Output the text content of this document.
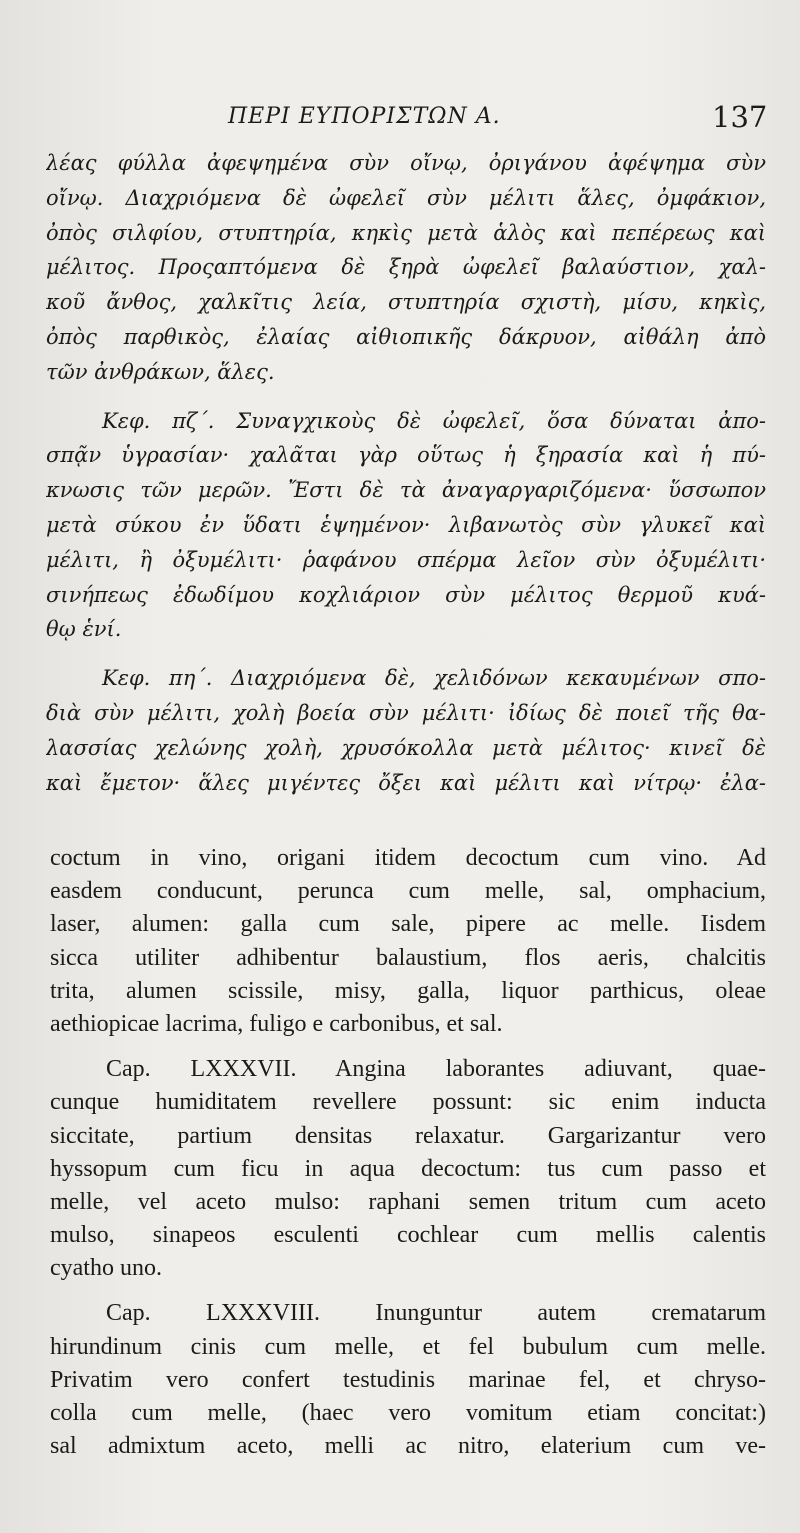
ΠΕΡΙ ΕΥΠΟΡΙΣΤΩΝ Α.	137
λέας φύλλα ἀφεψημένα σὺν οἴνῳ, ὀριγάνου ἀφέψημα σὺν
οἴνῳ. Διαχριόμενα δὲ ὠφελεῖ σὺν μέλιτι ἅλες, ὀμφάκιον,
ὀπὸς σιλφίου, στυπτηρία, κηκὶς μετὰ ἁλὸς καὶ πεπέρεως καὶ
μέλιτος. Προςαπτόμενα δὲ ξηρὰ ὠφελεῖ βαλαύστιον, χαλ-
κοῦ ἄνθος, χαλκῖτις λεία, στυπτηρία σχιστὴ, μίσυ, κηκὶς,
ὀπὸς παρθικὸς, ἐλαίας αἰθιοπικῆς δάκρυον, αἰθάλη ἀπὸ
τῶν ἀνθράκων, ἅλες.
Κεφ. πζ΄. Συναγχικοὺς δὲ ὠφελεῖ, ὅσα δύναται ἀπο-
σπᾷν ὑγρασίαν· χαλᾶται γὰρ οὕτως ἡ ξηρασία καὶ ἡ πύ-
κνωσις τῶν μερῶν. Ἔστι δὲ τὰ ἀναγαργαριζόμενα· ὕσσωπον
μετὰ σύκου ἐν ὕδατι ἑψημένον· λιβανωτὸς σὺν γλυκεῖ καὶ
μέλιτι, ἢ ὀξυμέλιτι· ῥαφάνου σπέρμα λεῖον σὺν ὀξυμέλιτι·
σινήπεως ἐδωδίμου κοχλιάριον σὺν μέλιτος θερμοῦ κυά-
θῳ ἑνί.
Κεφ. πη΄. Διαχριόμενα δὲ, χελιδόνων κεκαυμένων σπο-
διὰ σὺν μέλιτι, χολὴ βοεία σὺν μέλιτι· ἰδίως δὲ ποιεῖ τῆς θα-
λασσίας χελώνης χολὴ, χρυσόκολλα μετὰ μέλιτος· κινεῖ δὲ
καὶ ἔμετον· ἅλες μιγέντες ὄξει καὶ μέλιτι καὶ νίτρῳ· ἐλα-
coctum in vino, origani itidem decoctum cum vino. Ad
easdem conducunt, perunca cum melle, sal, omphacium,
laser, alumen: galla cum sale, pipere ac melle. Iisdem
sicca utiliter adhibentur balaustium, flos aeris, chalcitis
trita, alumen scissile, misy, galla, liquor parthicus, oleae
aethiopicae lacrima, fuligo e carbonibus, et sal.
Cap. LXXXVII. Angina laborantes adiuvant, quae-
cunque humiditatem revellere possunt: sic enim inducta
siccitate, partium densitas relaxatur. Gargarizantur vero
hyssopum cum ficu in aqua decoctum: tus cum passo et
melle, vel aceto mulso: raphani semen tritum cum aceto
mulso, sinapeos esculenti cochlear cum mellis calentis
cyatho uno.
Cap. LXXXVIII. Inunguntur autem crematarum
hirundinum cinis cum melle, et fel bubulum cum melle.
Privatim vero confert testudinis marinae fel, et chryso-
colla cum melle, (haec vero vomitum etiam concitat:)
sal admixtum aceto, melli ac nitro, elaterium cum ve-
